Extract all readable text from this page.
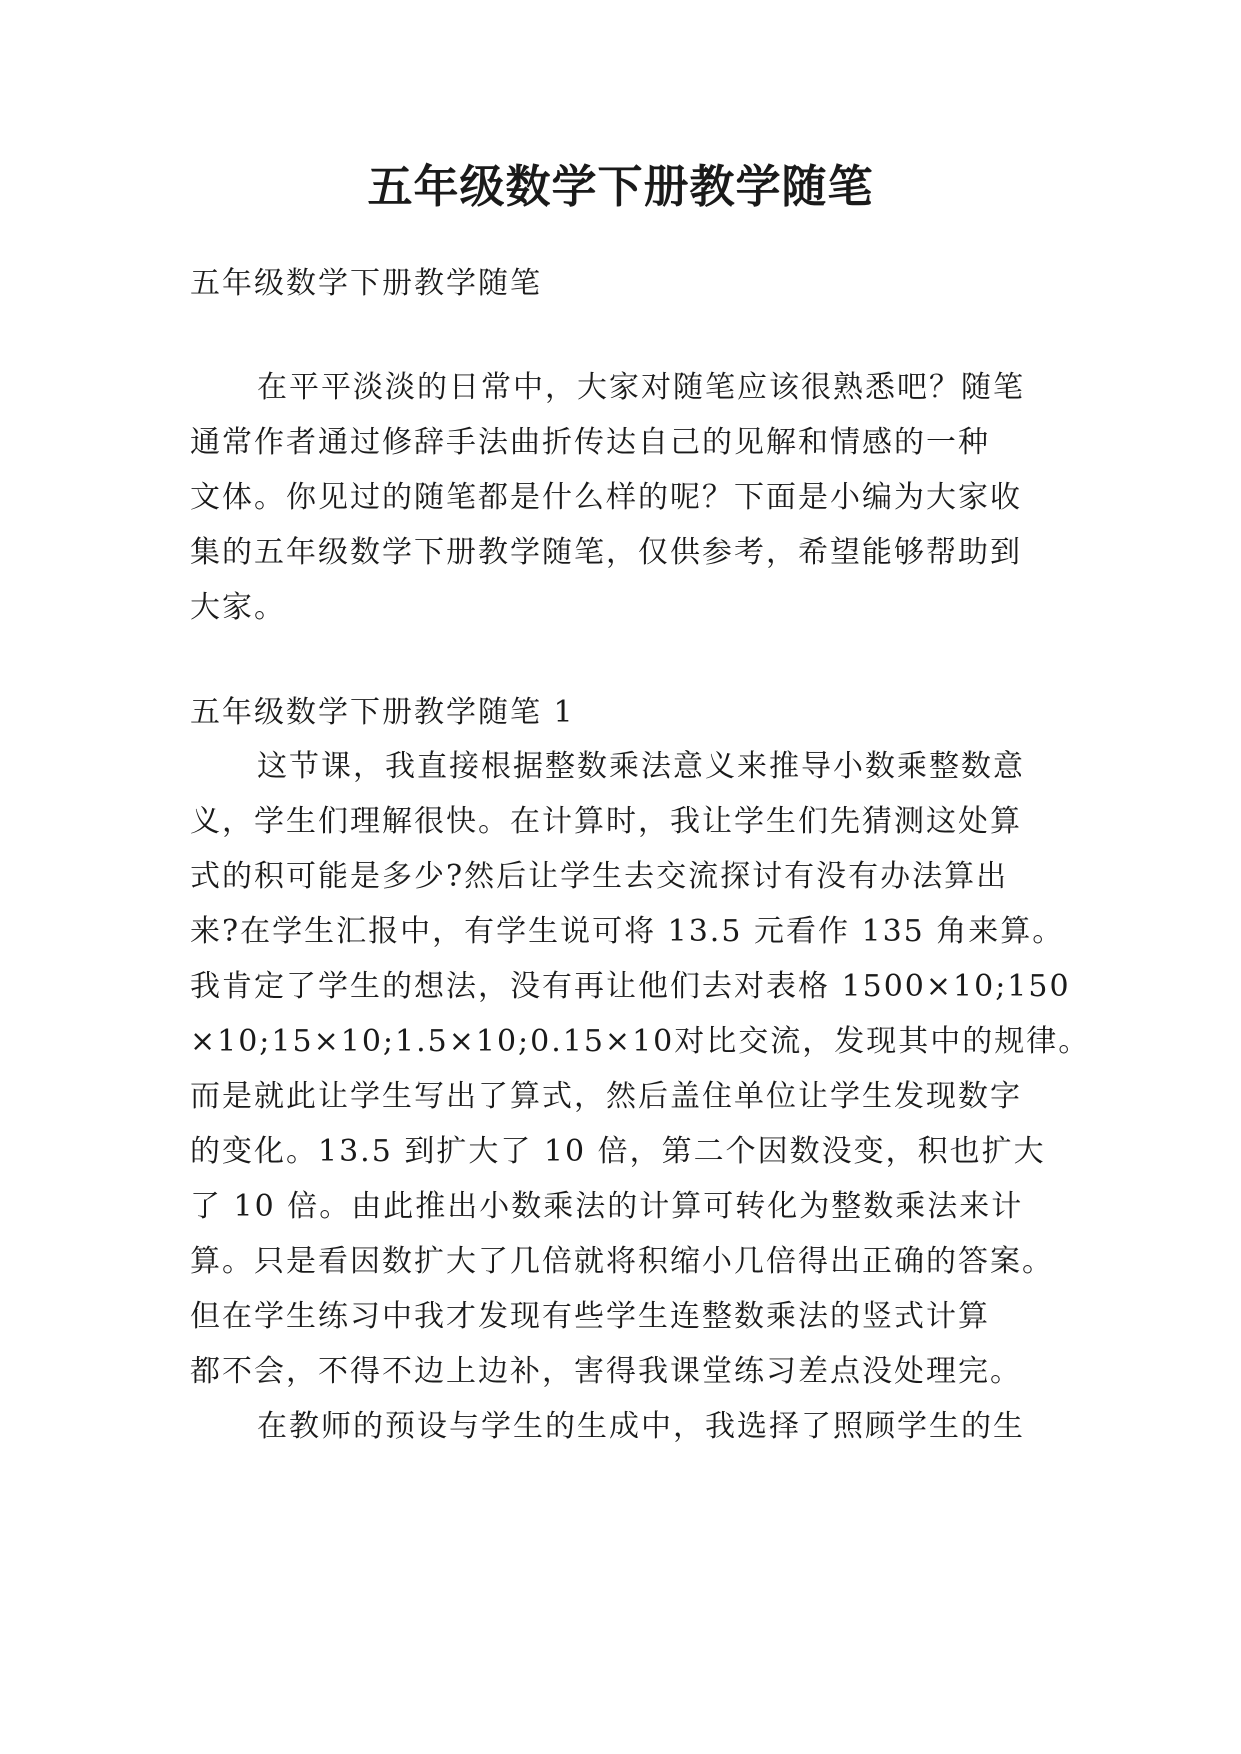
五年级数学下册教学随笔

五年级数学下册教学随笔

在平平淡淡的日常中，大家对随笔应该很熟悉吧？随笔

通常作者通过修辞手法曲折传达自己的见解和情感的一种

文体。你见过的随笔都是什么样的呢？下面是小编为大家收

集的五年级数学下册教学随笔，仅供参考，希望能够帮助到

大家。

五年级数学下册教学随笔 1

这节课，我直接根据整数乘法意义来推导小数乘整数意

义，学生们理解很快。在计算时，我让学生们先猜测这处算

式的积可能是多少?然后让学生去交流探讨有没有办法算出

来?在学生汇报中，有学生说可将 13.5 元看作 135 角来算。

我肯定了学生的想法，没有再让他们去对表格 1500×10;150

×10;15×10;1.5×10;0.15×10对比交流，发现其中的规律。

而是就此让学生写出了算式，然后盖住单位让学生发现数字

的变化。13.5 到扩大了 10 倍，第二个因数没变，积也扩大

了 10 倍。由此推出小数乘法的计算可转化为整数乘法来计

算。只是看因数扩大了几倍就将积缩小几倍得出正确的答案。

但在学生练习中我才发现有些学生连整数乘法的竖式计算

都不会，不得不边上边补，害得我课堂练习差点没处理完。

在教师的预设与学生的生成中，我选择了照顾学生的生
